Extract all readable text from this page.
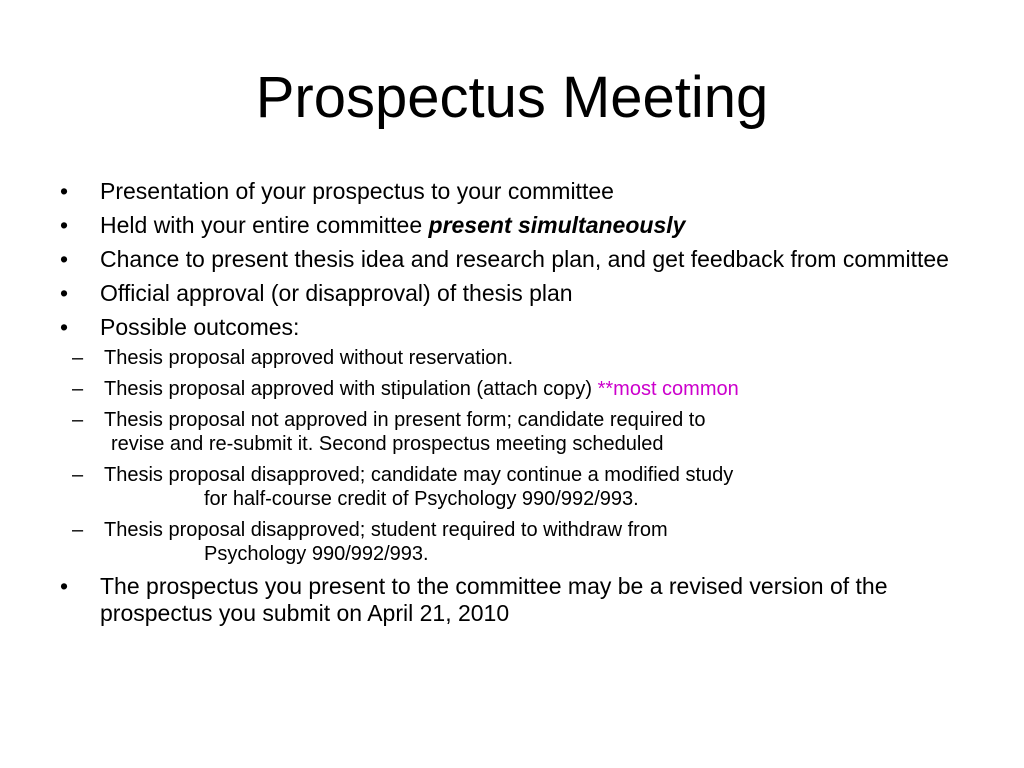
Prospectus Meeting
• Presentation of your prospectus to your committee
• Held with your entire committee present simultaneously
• Chance to present thesis idea and research plan, and get feedback from committee
• Official approval (or disapproval) of thesis plan
• Possible outcomes:
– Thesis proposal approved without reservation.
– Thesis proposal approved with stipulation (attach copy) **most common
– Thesis proposal not approved in present form; candidate required to
revise and re-submit it. Second prospectus meeting scheduled
– Thesis proposal disapproved; candidate may continue a modified study
for half-course credit of Psychology 990/992/993.
– Thesis proposal disapproved; student required to withdraw from
Psychology 990/992/993.
• The prospectus you present to the committee may be a revised version of the prospectus you submit on April 21, 2010
